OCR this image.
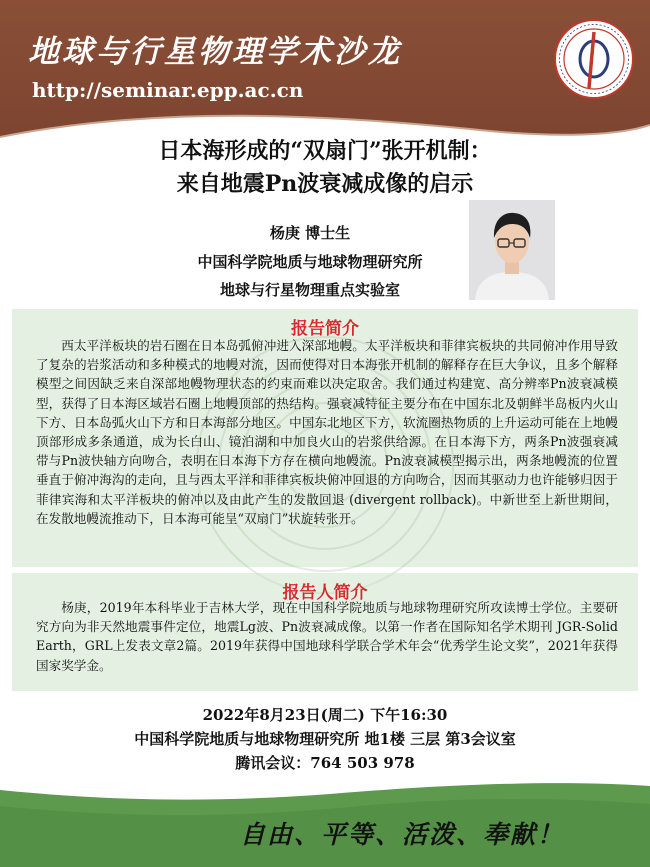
地球与行星物理学术沙龙
http://seminar.epp.ac.cn
日本海形成的“双扇门”张开机制：
来自地震Pn波衰减成像的启示
杨庚 博士生
中国科学院地质与地球物理研究所
地球与行星物理重点实验室
报告简介

西太平洋板块的岩石圈在日本岛弧俯冲进入深部地幔。太平洋板块和菲律宾板块的共同俯冲作用导致了复杂的岩浆活动和多种模式的地幔对流，因而使得对日本海张开机制的解释存在巨大争议，且多个解释模型之间因缺乏来自深部地幔物理状态的约束而难以决定取舍。我们通过构建宽、高分辨率Pn波衰减模型，获得了日本海区域岩石圈上地幔顶部的热结构。强衰减特征主要分布在中国东北及朝鲜半岛板内火山下方、日本岛弧火山下方和日本海部分地区。中国东北地区下方，软流圈热物质的上升运动可能在上地幔顶部形成多条通道，成为长白山、镜泊湖和中加良火山的岩浆供给源。在日本海下方，两条Pn波强衰减带与Pn波快轴方向吻合，表明在日本海下方存在横向地幔流。Pn波衰减模型揭示出，两条地幔流的位置垂直于俯冲海沟的走向，且与西太平洋和菲律宾板块俯冲回退的方向吻合，因而其驱动力也许能够归因于菲律宾海和太平洋板块的俯冲以及由此产生的发散回退 (divergent rollback)。中新世至上新世期间，在发散地幔流推动下，日本海可能呈“双扇门”状旋转张开。

报告人简介

杨庚，2019年本科毕业于吉林大学，现在中国科学院地质与地球物理研究所攻读博士学位。主要研究方向为非天然地震事件定位，地震Lg波、Pn波衰减成像。以第一作者在国际知名学术期刊 JGR-Solid Earth，GRL上发表文章2篇。2019年获得中国地球科学联合学术年会“优秀学生论文奖”，2021年获得国家奖学金。

2022年8月23日(周二) 下午16:30
中国科学院地质与地球物理研究所 地1楼 三层 第3会议室
腾讯会议：764 503 978
自由、平等、活泼、奉献！
